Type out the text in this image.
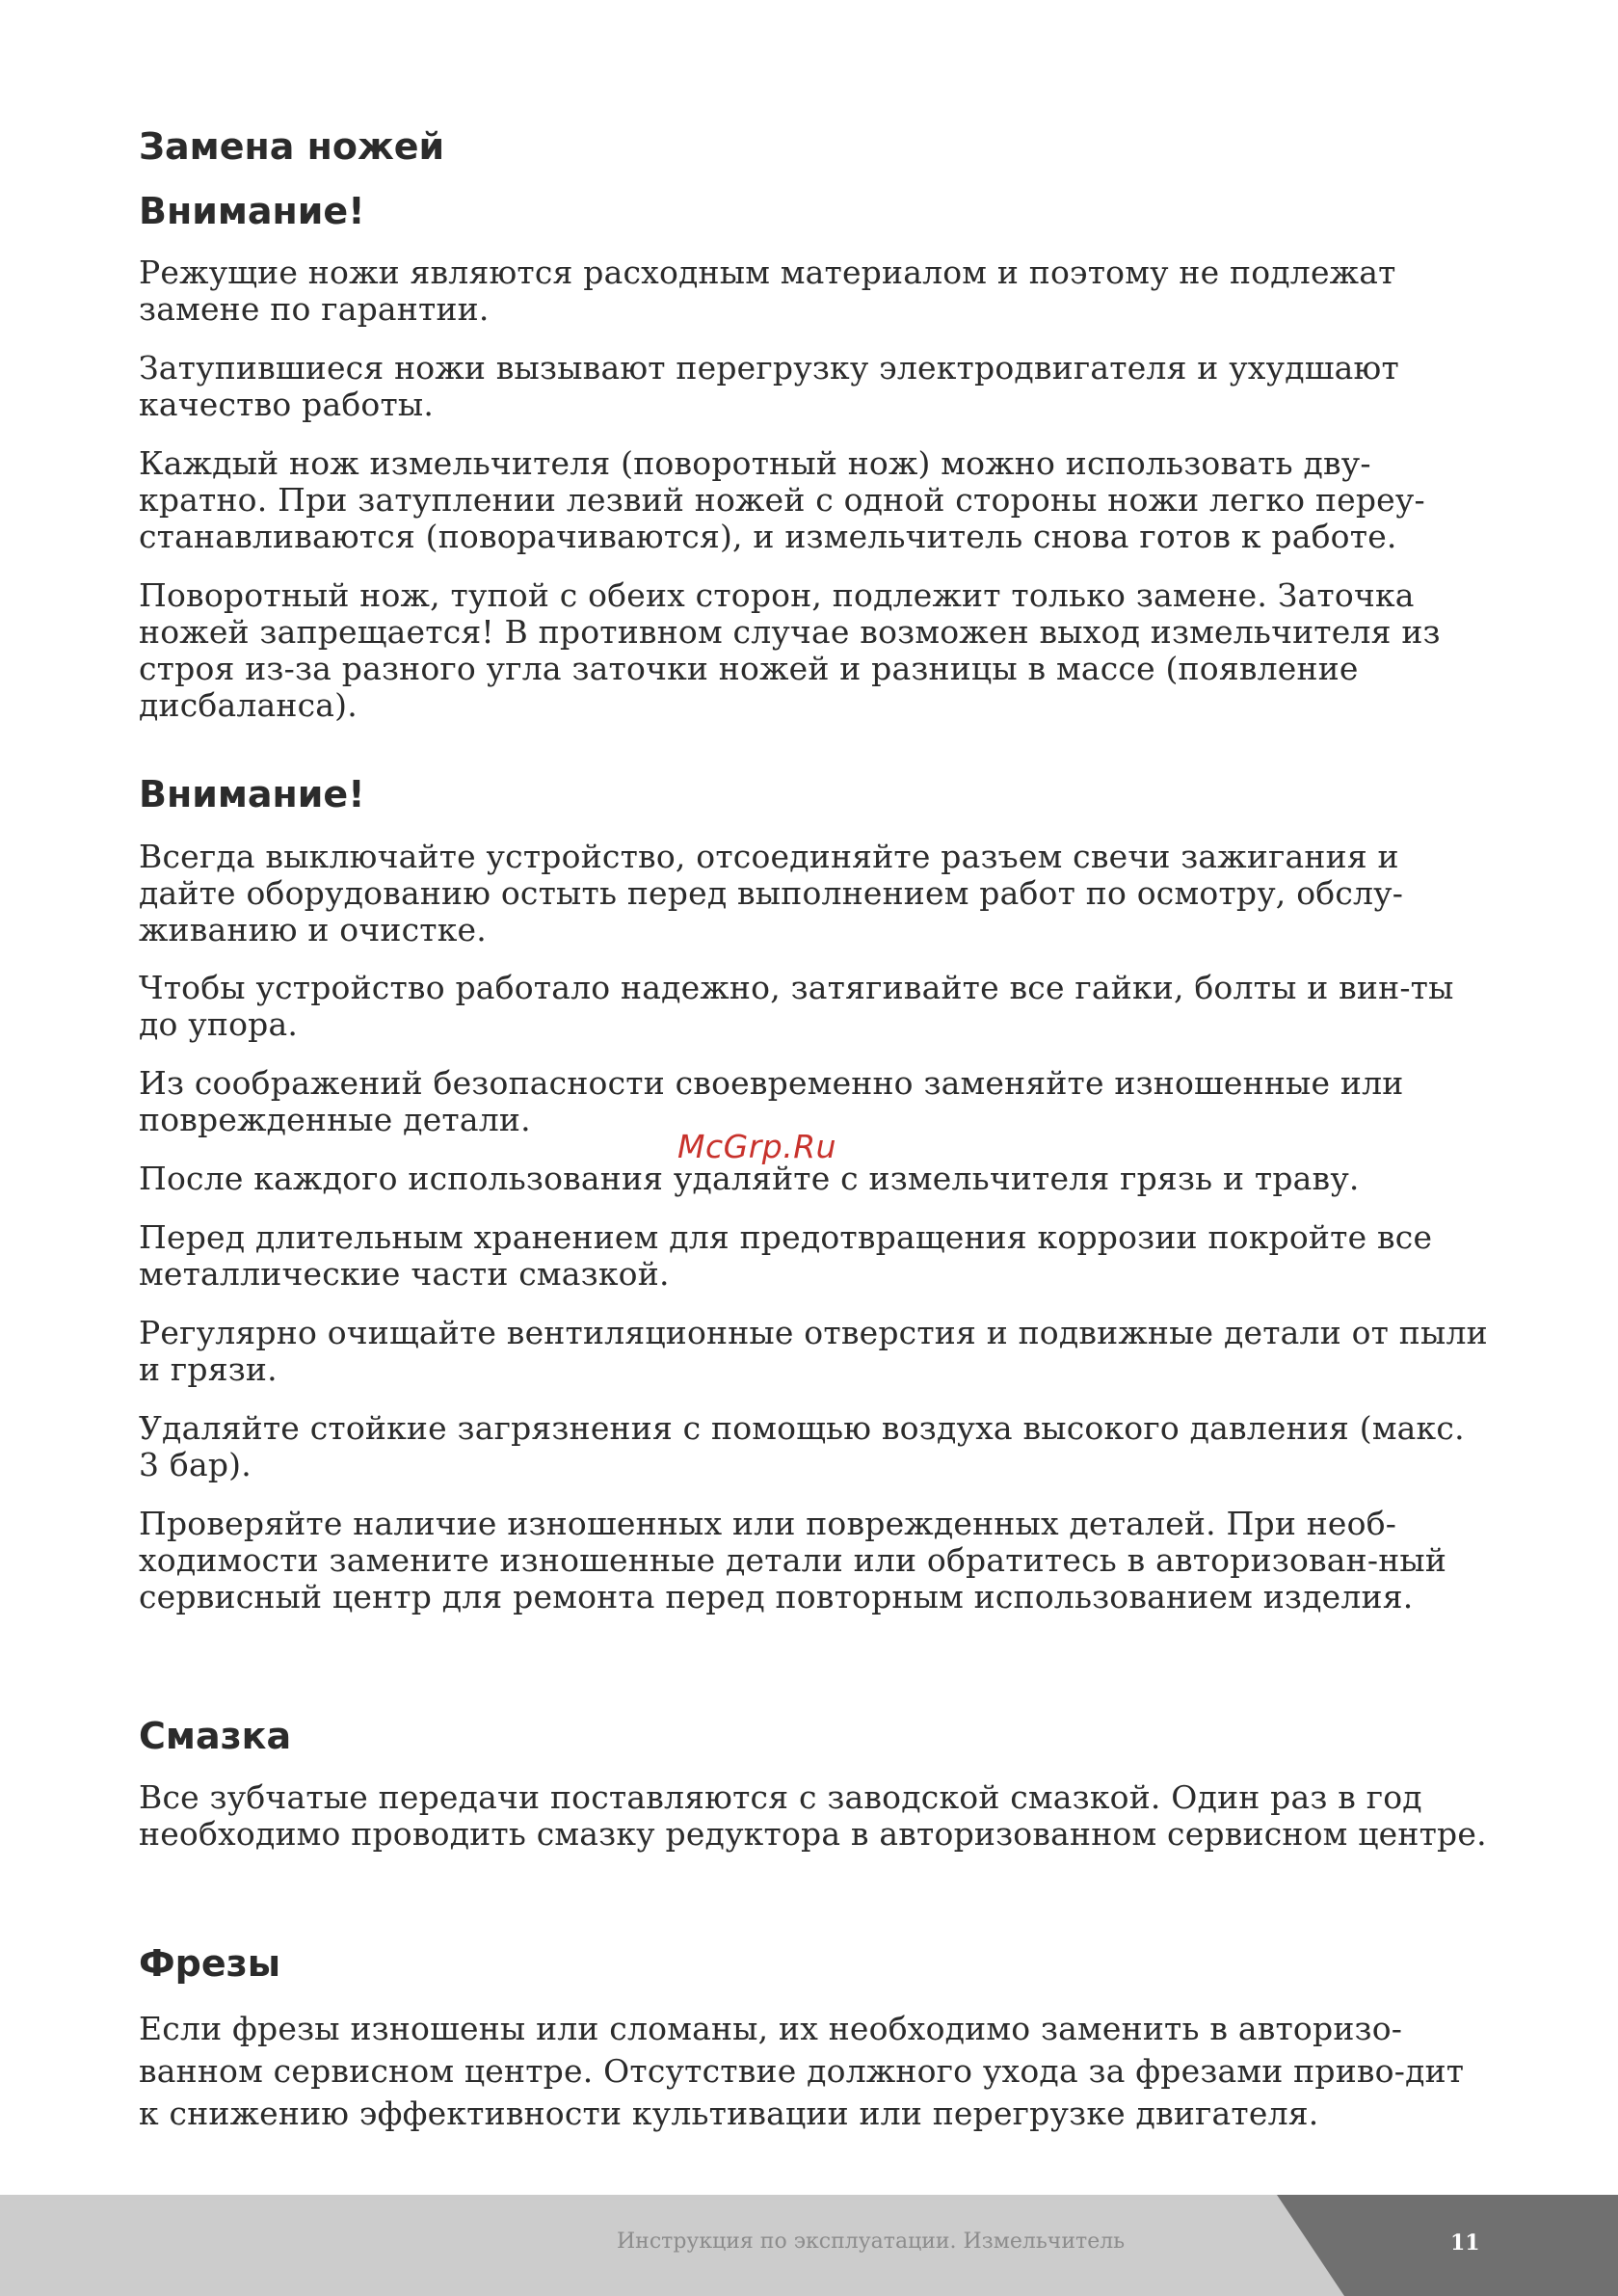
Замена ножей
Внимание!

Режущие ножи являются расходным материалом и поэтому не подлежат замене по гарантии.

Затупившиеся ножи вызывают перегрузку электродвигателя и ухудшают качество работы.

Каждый нож измельчителя (поворотный нож) можно использовать дву-кратно. При затуплении лезвий ножей с одной стороны ножи легко переу-станавливаются (поворачиваются), и измельчитель снова готов к работе.

Поворотный нож, тупой с обеих сторон, подлежит только замене. Заточка ножей запрещается! В противном случае возможен выход измельчителя из строя из-за разного угла заточки ножей и разницы в массе (появление дисбаланса).

Внимание!

Всегда выключайте устройство, отсоединяйте разъем свечи зажигания и дайте оборудованию остыть перед выполнением работ по осмотру, обслу-живанию и очистке.

Чтобы устройство работало надежно, затягивайте все гайки, болты и вин-ты до упора.

Из соображений безопасности своевременно заменяйте изношенные или поврежденные детали.

После каждого использования удаляйте с измельчителя грязь и траву.

Перед длительным хранением для предотвращения коррозии покройте все металлические части смазкой.

Регулярно очищайте вентиляционные отверстия и подвижные детали от пыли и грязи.

Удаляйте стойкие загрязнения с помощью воздуха высокого давления (макс. 3 бар).

Проверяйте наличие изношенных или поврежденных деталей. При необ-ходимости замените изношенные детали или обратитесь в авторизован-ный сервисный центр для ремонта перед повторным использованием изделия.

Смазка

Все зубчатые передачи поставляются с заводской смазкой. Один раз в год необходимо проводить смазку редуктора в авторизованном сервисном центре.

Фрезы

Если фрезы изношены или сломаны, их необходимо заменить в авторизо-ванном сервисном центре. Отсутствие должного ухода за фрезами приво-дит к снижению эффективности культивации или перегрузке двигателя.

McGrp.Ru
Инструкция по эксплуатации. Измельчитель	11
